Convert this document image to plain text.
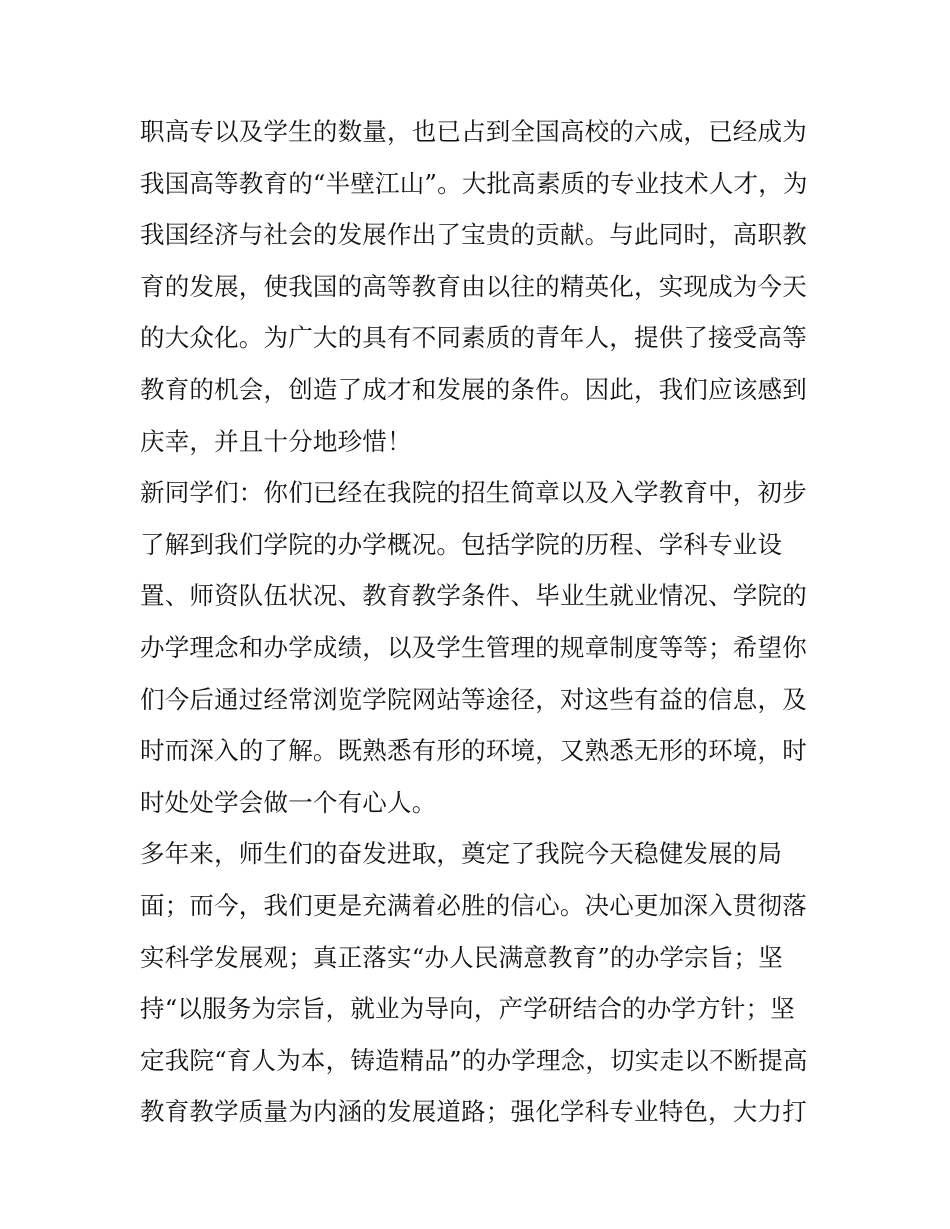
职高专以及学生的数量，也已占到全国高校的六成，已经成为
我国高等教育的“半壁江山”。大批高素质的专业技术人才，为
我国经济与社会的发展作出了宝贵的贡献。与此同时，高职教
育的发展，使我国的高等教育由以往的精英化，实现成为今天
的大众化。为广大的具有不同素质的青年人，提供了接受高等
教育的机会，创造了成才和发展的条件。因此，我们应该感到
庆幸，并且十分地珍惜！
新同学们：你们已经在我院的招生简章以及入学教育中，初步
了解到我们学院的办学概况。包括学院的历程、学科专业设
置、师资队伍状况、教育教学条件、毕业生就业情况、学院的
办学理念和办学成绩，以及学生管理的规章制度等等；希望你
们今后通过经常浏览学院网站等途径，对这些有益的信息，及
时而深入的了解。既熟悉有形的环境，又熟悉无形的环境，时
时处处学会做一个有心人。
多年来，师生们的奋发进取，奠定了我院今天稳健发展的局
面；而今，我们更是充满着必胜的信心。决心更加深入贯彻落
实科学发展观；真正落实“办人民满意教育”的办学宗旨；坚
持“以服务为宗旨，就业为导向，产学研结合的办学方针；坚
定我院“育人为本，铸造精品”的办学理念，切实走以不断提高
教育教学质量为内涵的发展道路；强化学科专业特色，大力打
